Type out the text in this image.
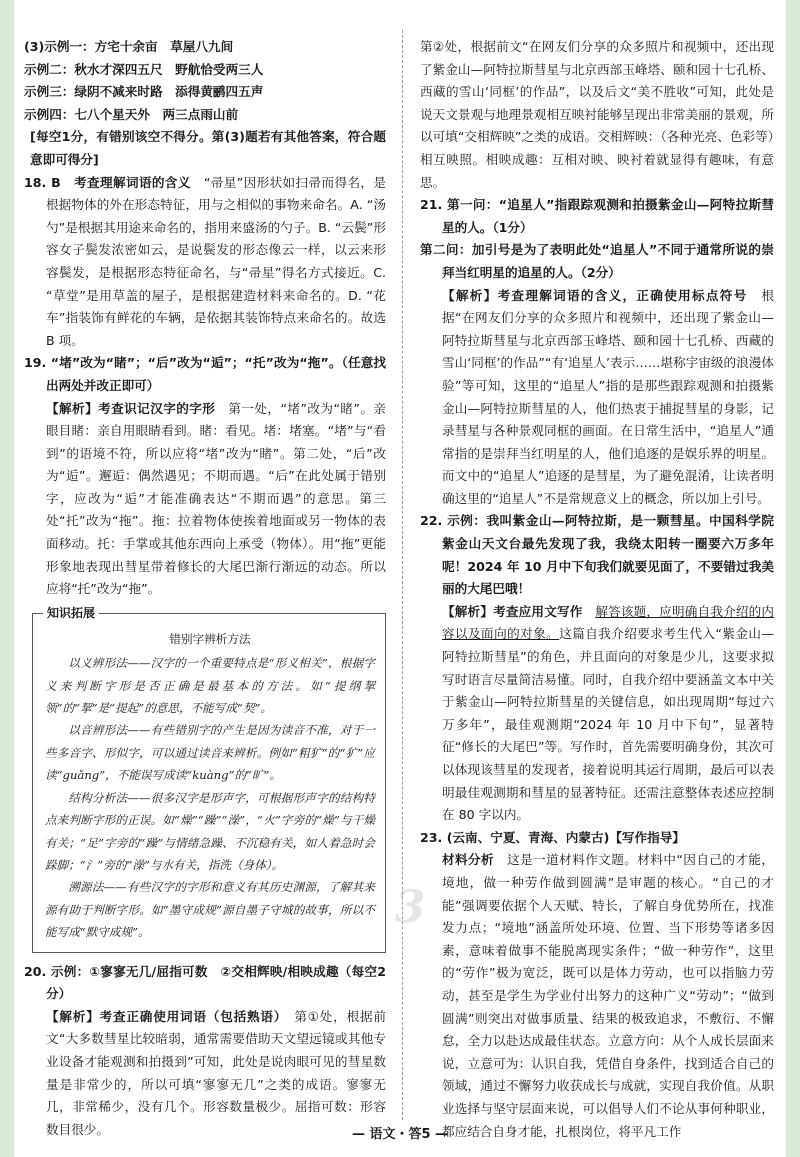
3

(3)示例一：方宅十余亩　草屋八九间

示例二：秋水才深四五尺　野航恰受两三人

示例三：绿阴不减来时路　添得黄鹂四五声

示例四：七八个星天外　两三点雨山前

[每空1分，有错别该空不得分。第(3)题若有其他答案，符合题意即可得分]

18. B　考查理解词语的含义　 “帚星”因形状如扫帚而得名，是根据物体的外在形态特征，用与之相似的事物来命名。A. “汤勺”是根据其用途来命名的，指用来盛汤的勺子。B. “云鬓”形容女子鬓发浓密如云，是说鬓发的形态像云一样，以云来形容鬓发，是根据形态特征命名，与“帚星”得名方式接近。C. “草堂”是用草盖的屋子，是根据建造材料来命名的。D. “花车”指装饰有鲜花的车辆，是依据其装饰特点来命名的。故选 B 项。

19. “堵”改为“睹”；“后”改为“逅”；“托”改为“拖”。（任意找出两处并改正即可）

【解析】考查识记汉字的字形　 第一处，“堵”改为“睹”。亲眼目睹：亲自用眼睛看到。睹：看见。堵：堵塞。“堵”与“看到”的语境不符，所以应将“堵”改为“睹”。第二处，“后”改为“逅”。邂逅：偶然遇见；不期而遇。“后”在此处属于错别字，应改为“逅”才能准确表达“不期而遇”的意思。第三处“托”改为“拖”。拖：拉着物体使挨着地面或另一物体的表面移动。托：手掌或其他东西向上承受（物体）。用“拖”更能形象地表现出彗星带着修长的大尾巴渐行渐远的动态。所以应将“托”改为“拖”。

知识拓展
错别字辨析方法

以义辨形法——汉字的一个重要特点是“形义相关”，根据字义来判断字形是否正确是最基本的方法。如“提纲挈领”的“挈”是“提起”的意思，不能写成“契”。

以音辨形法——有些错别字的产生是因为读音不准，对于一些多音字、形似字，可以通过读音来辨析。例如“粗犷”的“犷”应读“guǎng”，不能误写成读“kuàng”的“旷”。

结构分析法——很多汉字是形声字，可根据形声字的结构特点来判断字形的正误。如“燥”“躁”“澡”，“火”字旁的“燥”与干燥有关；“足”字旁的“躁”与情绪急躁、不沉稳有关，如人着急时会跺脚；“氵”旁的“澡”与水有关，指洗（身体）。

溯源法——有些汉字的字形和意义有其历史渊源，了解其来源有助于判断字形。如“墨守成规”源自墨子守城的故事，所以不能写成“默守成规”。

20. 示例：①寥寥无几/屈指可数　②交相辉映/相映成趣（每空2分）

【解析】考查正确使用词语（包括熟语）　 第①处，根据前文“大多数彗星比较暗弱，通常需要借助天文望远镜或其他专业设备才能观测和拍摄到”可知，此处是说肉眼可见的彗星数量是非常少的，所以可填“寥寥无几”之类的成语。寥寥无几，非常稀少，没有几个。形容数量极少。屈指可数：形容数目很少。

第②处，根据前文“在网友们分享的众多照片和视频中，还出现了紫金山—阿特拉斯彗星与北京西部玉峰塔、颐和园十七孔桥、西藏的雪山‘同框’的作品”，以及后文“美不胜收”可知，此处是说天文景观与地理景观相互映衬能够呈现出非常美丽的景观，所以可填“交相辉映”之类的成语。交相辉映：（各种光亮、色彩等）相互映照。相映成趣：互相对映、映衬着就显得有趣味，有意思。

21. 第一问：“追星人”指跟踪观测和拍摄紫金山—阿特拉斯彗星的人。（1分）

第二问：加引号是为了表明此处“追星人”不同于通常所说的崇拜当红明星的追星的人。（2分）

【解析】考查理解词语的含义，正确使用标点符号　 根据“在网友们分享的众多照片和视频中，还出现了紫金山—阿特拉斯彗星与北京西部玉峰塔、颐和园十七孔桥、西藏的雪山‘同框’的作品”“有‘追星人’表示……堪称宇宙级的浪漫体验”等可知，这里的“追星人”指的是那些跟踪观测和拍摄紫金山—阿特拉斯彗星的人，他们热衷于捕捉彗星的身影，记录彗星与各种景观同框的画面。在日常生活中，“追星人”通常指的是崇拜当红明星的人，他们追逐的是娱乐界的明星。而文中的“追星人”追逐的是彗星，为了避免混淆，让读者明确这里的“追星人”不是常规意义上的概念，所以加上引号。

22. 示例：我叫紫金山—阿特拉斯，是一颗彗星。中国科学院紫金山天文台最先发现了我，我绕太阳转一圈要六万多年呢！2024 年 10 月中下旬我们就要见面了，不要错过我美丽的大尾巴哦！

【解析】考查应用文写作　 解答该题，应明确自我介绍的内容以及面向的对象。这篇自我介绍要求考生代入“紫金山—阿特拉斯彗星”的角色，并且面向的对象是少儿，这要求拟写时语言尽量简洁易懂。同时，自我介绍中要涵盖文本中关于紫金山—阿特拉斯彗星的关键信息，如出现周期“每过六万多年”，最佳观测期“2024 年 10 月中下旬”，显著特征“修长的大尾巴”等。写作时，首先需要明确身份，其次可以体现该彗星的发现者，接着说明其运行周期，最后可以表明最佳观测期和彗星的显著特征。还需注意整体表述应控制在 80 字以内。

23. (云南、宁夏、青海、内蒙古)【写作指导】

材料分析　 这是一道材料作文题。材料中“因自己的才能，境地，做一种劳作做到圆满”是审题的核心。“自己的才能”强调要依据个人天赋、特长，了解自身优势所在，找准发力点；“境地”涵盖所处环境、位置、当下形势等诸多因素，意味着做事不能脱离现实条件；“做一种劳作”，这里的“劳作”极为宽泛，既可以是体力劳动，也可以指脑力劳动，甚至是学生为学业付出努力的这种广义“劳动”；“做到圆满”则突出对做事质量、结果的极致追求，不敷衍、不懈怠，全力以赴达成最佳状态。立意方向：从个人成长层面来说，立意可为：认识自我，凭借自身条件，找到适合自己的领域，通过不懈努力收获成长与成就，实现自我价值。从职业选择与坚守层面来说，可以倡导人们不论从事何种职业，都应结合自身才能，扎根岗位，将平凡工作

— 语文・答5 —
